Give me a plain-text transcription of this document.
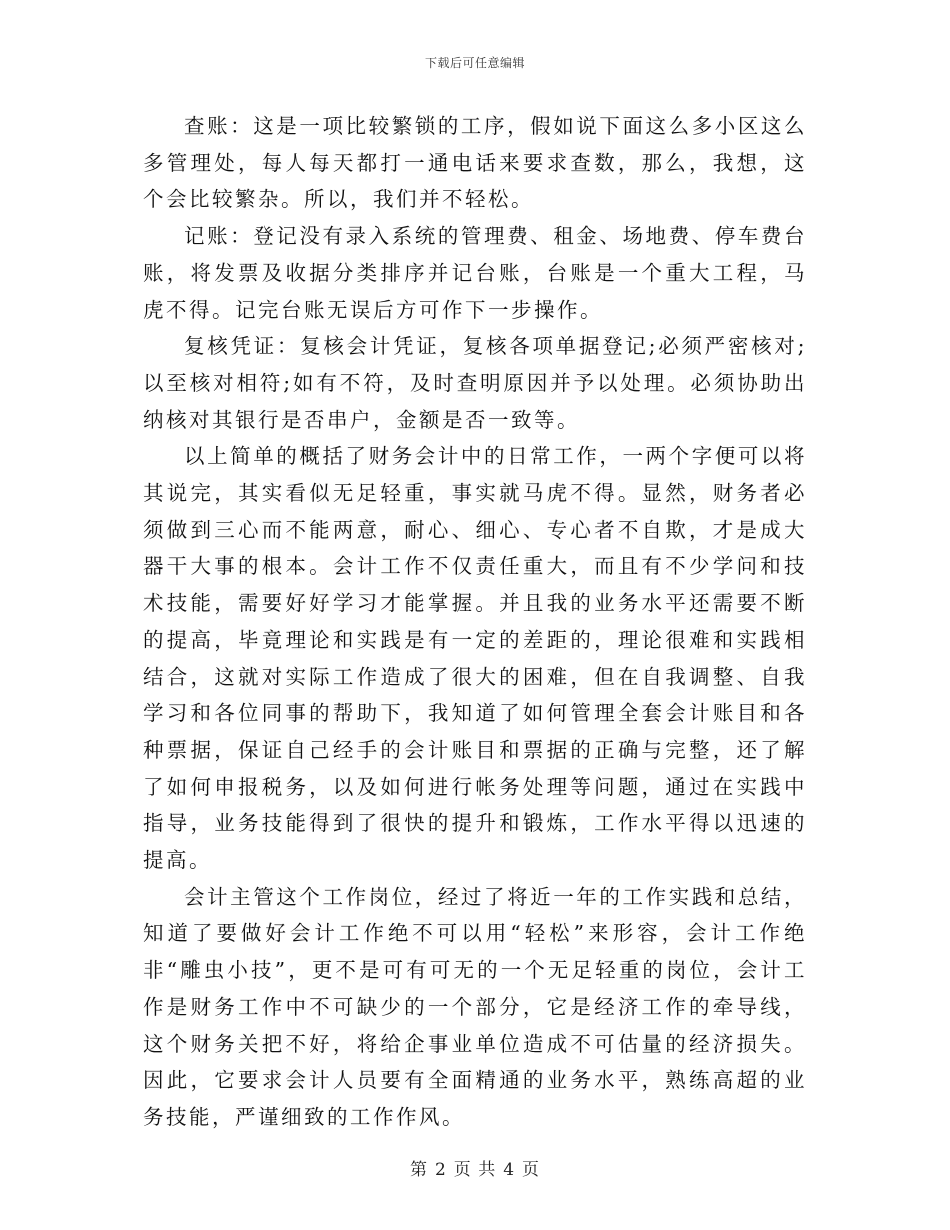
下载后可任意编辑

查账：这是一项比较繁锁的工序，假如说下面这么多小区这么多管理处，每人每天都打一通电话来要求查数，那么，我想，这个会比较繁杂。所以，我们并不轻松。

记账：登记没有录入系统的管理费、租金、场地费、停车费台账，将发票及收据分类排序并记台账，台账是一个重大工程，马虎不得。记完台账无误后方可作下一步操作。

复核凭证：复核会计凭证，复核各项单据登记;必须严密核对;以至核对相符;如有不符，及时查明原因并予以处理。必须协助出纳核对其银行是否串户，金额是否一致等。

以上简单的概括了财务会计中的日常工作，一两个字便可以将其说完，其实看似无足轻重，事实就马虎不得。显然，财务者必须做到三心而不能两意，耐心、细心、专心者不自欺，才是成大器干大事的根本。会计工作不仅责任重大，而且有不少学问和技术技能，需要好好学习才能掌握。并且我的业务水平还需要不断的提高，毕竟理论和实践是有一定的差距的，理论很难和实践相结合，这就对实际工作造成了很大的困难，但在自我调整、自我学习和各位同事的帮助下，我知道了如何管理全套会计账目和各种票据，保证自己经手的会计账目和票据的正确与完整，还了解了如何申报税务，以及如何进行帐务处理等问题，通过在实践中指导，业务技能得到了很快的提升和锻炼，工作水平得以迅速的提高。

会计主管这个工作岗位，经过了将近一年的工作实践和总结，知道了要做好会计工作绝不可以用“轻松”来形容，会计工作绝非“雕虫小技”，更不是可有可无的一个无足轻重的岗位，会计工作是财务工作中不可缺少的一个部分，它是经济工作的牵导线，这个财务关把不好，将给企事业单位造成不可估量的经济损失。因此，它要求会计人员要有全面精通的业务水平，熟练高超的业务技能，严谨细致的工作作风。

第 2 页 共 4 页
